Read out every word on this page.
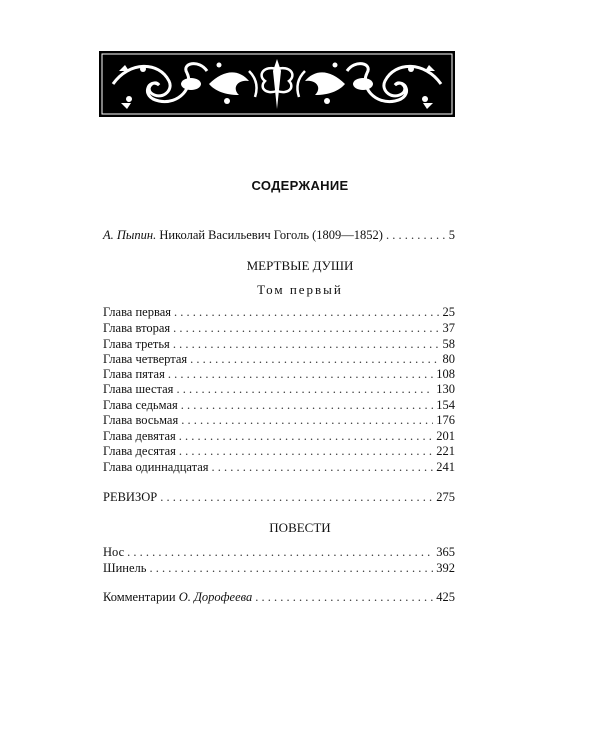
СОДЕРЖАНИЕ
А. Пыпин. Николай Васильевич Гоголь (1809—1852) . . .	5
МЕРТВЫЕ ДУШИ
Том первый
Глава первая . . .	25
Глава вторая . . .	37
Глава третья . . .	58
Глава четвертая . . .	80
Глава пятая . . .	108
Глава шестая . . .	130
Глава седьмая . . .	154
Глава восьмая . . .	176
Глава девятая . . .	201
Глава десятая . . .	221
Глава одиннадцатая . . .	241
РЕВИЗОР . . .	275
ПОВЕСТИ
Нос . . .	365
Шинель . . .	392
Комментарии О. Дорофеева . . .	425
